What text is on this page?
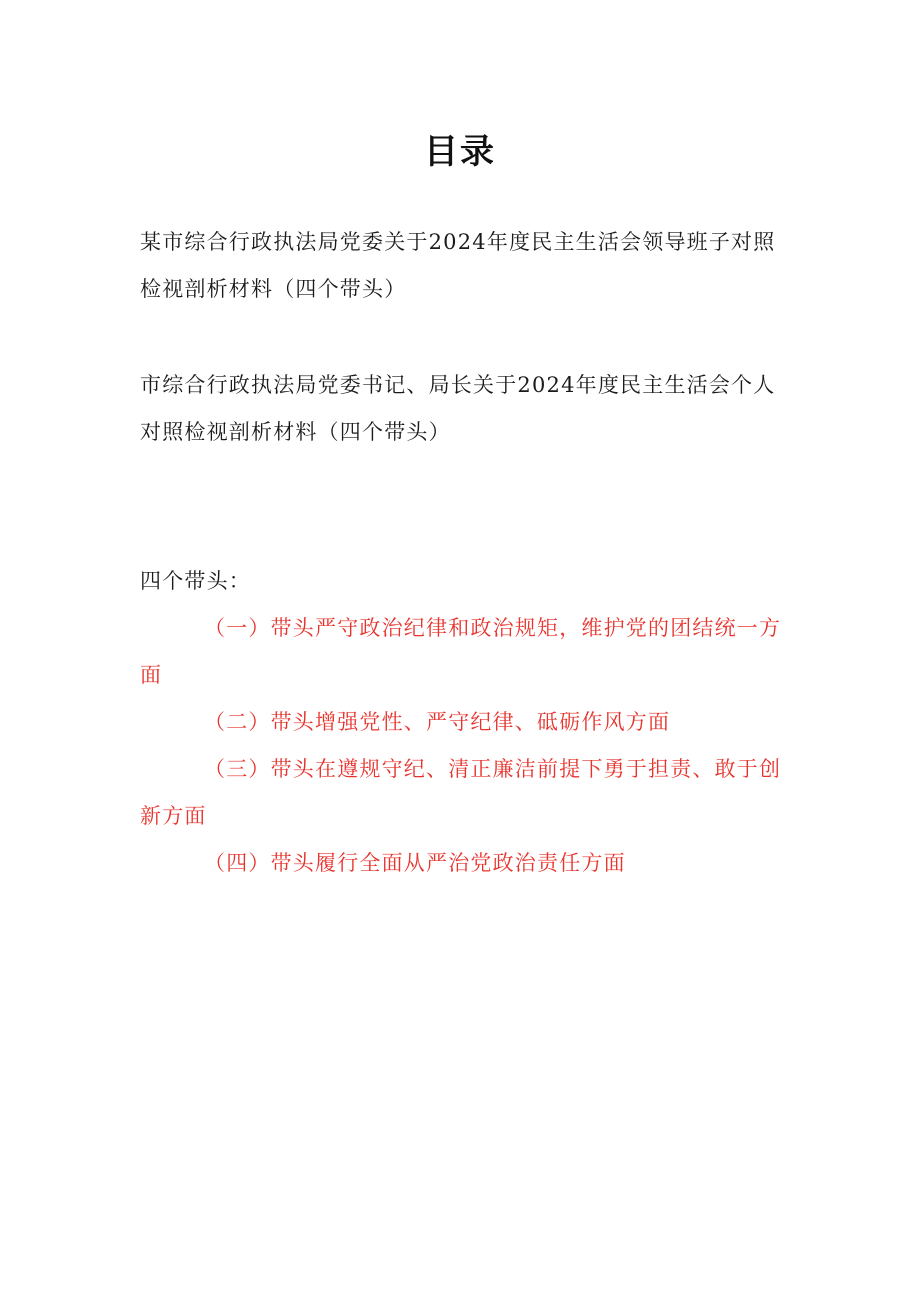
目录
某市综合行政执法局党委关于2024年度民主生活会领导班子对照检视剖析材料（四个带头）
市综合行政执法局党委书记、局长关于2024年度民主生活会个人对照检视剖析材料（四个带头）
四个带头：

（一）带头严守政治纪律和政治规矩，维护党的团结统一方面

（二）带头增强党性、严守纪律、砥砺作风方面

（三）带头在遵规守纪、清正廉洁前提下勇于担责、敢于创新方面

（四）带头履行全面从严治党政治责任方面
